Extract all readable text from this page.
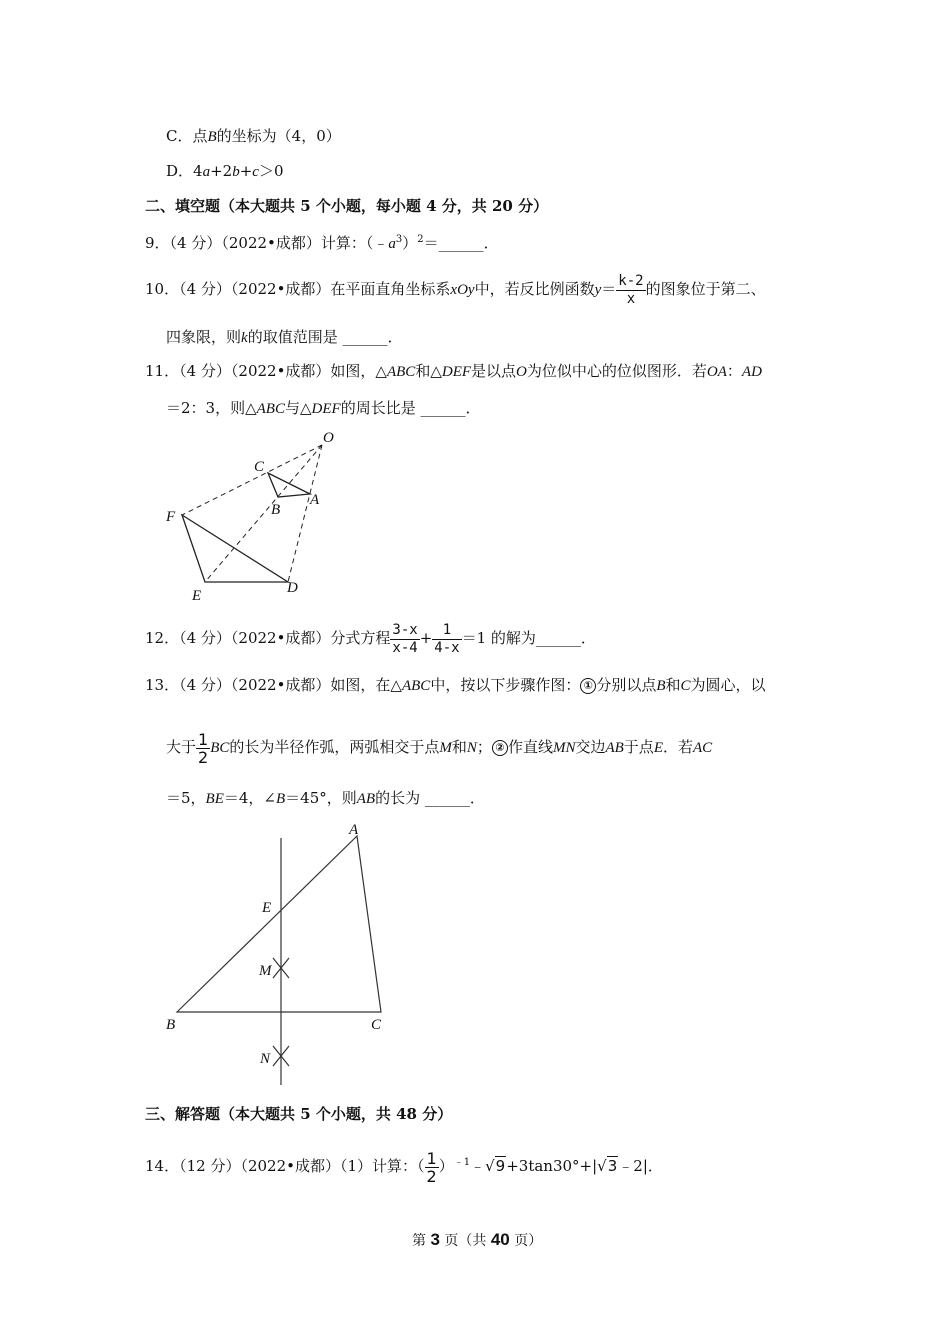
C．点B的坐标为（4，0）
D．4a+2b+c＞0
二、填空题（本大题共 5 个小题，每小题 4 分，共 20 分）
9．（4 分）（2022•成都）计算：$(﹣a^3)^2=\_\_\_\_\_\_$．
10．（4 分）（2022•成都）在平面直角坐标系xOy中，若反比例函数$y= \frac{k-2}{x}$ 的图象位于第二、
四象限，则k的取值范围是 ______．
11．（4 分）（2022•成都）如图，△ABC和△DEF是以点O为位似中心的位似图形．若OA：AD
＝2：3，则△ABC与△DEF的周长比是 ______．
O
C
B
A
F
E	D
12．（4 分）（2022•成都）分式方程 $\frac{3-x}{x-4} + \frac{1}{4-x} =1$ 的解为______．
13．（4 分）（2022•成都）如图，在△ABC中，按以下步骤作图： ① 分别以点B和C为圆心，以
大于 $\frac{1}{2}$ BC的长为半径作弧，两弧相交于点M和N； ② 作直线MN交边AB于点E．若AC
＝5，BE＝4，∠B＝45°，则AB的长为 ______．
A
E
M
B	C
N
三、解答题（本大题共 5 个小题，共 48 分）
14．（12 分）（2022•成都）（1）计算：（ $\frac{1}{2}$ ）$^{﹣1}$﹣√9+3tan30°+|√3﹣2|．
第 3 页（共 40 页）
